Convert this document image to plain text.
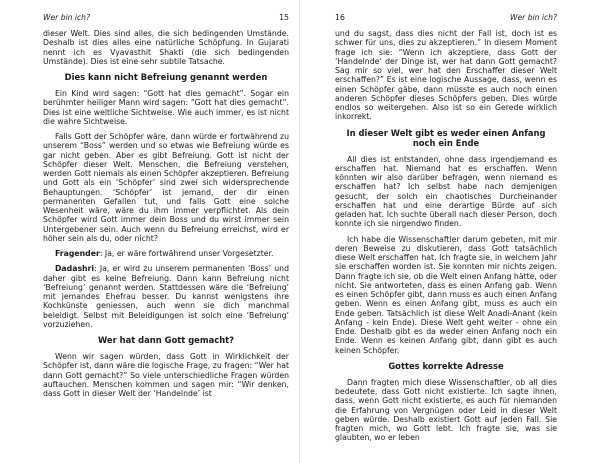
Wer bin ich?	15

dieser Welt. Dies sind alles, die sich bedingenden Umstände. Deshalb ist dies alles eine natürliche Schöpfung. In Gujarati nennt ich es Vyavasthit Shakti (die sich bedingenden Umstände). Dies ist eine sehr subtile Tatsache.

Dies kann nicht Befreiung genannt werden

Ein Kind wird sagen: “Gott hat dies gemacht”. Sogar ein berühmter heiliger Mann wird sagen: “Gott hat dies gemacht”. Dies ist eine weltliche Sichtweise. Wie auch immer, es ist nicht die wahre Sichtweise.

Falls Gott der Schöpfer wäre, dann würde er fortwährend zu unserem “Boss” werden und so etwas wie Befreiung würde es gar nicht geben. Aber es gibt Befreiung. Gott ist nicht der Schöpfer dieser Welt. Menschen, die Befreiung verstehen, werden Gott niemals als einen Schöpfer akzeptieren. Befreiung und Gott als ein ‘Schöpfer’ sind zwei sich widersprechende Behauptungen. ‘Schöpfer’ ist jemand, der dir einen permanenten Gefallen tut, und falls Gott eine solche Wesenheit wäre, wäre du ihm immer verpflichtet. Als dein Schöpfer wird Gott immer dein Boss und du wirst immer sein Untergebener sein. Auch wenn du Befreiung erreichst, wird er höher sein als du, oder nicht?

Fragender: Ja, er wäre fortwährend unser Vorgesetzter.

Dadashri: Ja, er wird zu unserem permanenten ‘Boss’ und daher gibt es keine Befreiung. Dann kann Befreiung nicht ‘Befreiung’ genannt werden. Stattdessen wäre die ‘Befreiung’ mit jemandes Ehefrau besser. Du kannst wenigstens ihre Kochkünste geniessen, auch wenn sie dich manchmal beleidigt. Selbst mit Beleidigungen ist solch eine ‘Befreiung’ vorzuziehen.

Wer hat dann Gott gemacht?

Wenn wir sagen würden, dass Gott in Wirklichkeit der Schöpfer ist, dann wäre die logische Frage, zu fragen: “Wer hat dann Gott gemacht?” So viele unterschiedliche Fragen würden auftauchen. Menschen kommen und sagen mir: “Wir denken, dass Gott in dieser Welt der ‘Handelnde’ ist

16	Wer bin ich?

und du sagst, dass dies nicht der Fall ist, doch ist es schwer für uns, dies zu akzeptieren.” In diesem Moment frage ich sie: “Wenn ich akzeptiere, dass Gott der ‘Handelnde’ der Dinge ist, wer hat dann Gott gemacht? Sag mir so viel, wer hat den Erschaffer dieser Welt erschaffen?” Es ist eine logische Aussage, dass, wenn es einen Schöpfer gäbe, dann müsste es auch noch einen anderen Schöpfer dieses Schöpfers geben. Dies würde endlos so weitergehen. Also ist so ein Gerede wirklich inkorrekt.

In dieser Welt gibt es weder einen Anfang noch ein Ende

All dies ist entstanden, ohne dass irgendjemand es erschaffen hat. Niemand hat es erschaffen. Wenn könnten wir also darüber befragen, wenn niemand es erschaffen hat? Ich selbst habe nach demjenigen gesucht, der solch ein chaotisches Durcheinander erschaffen hat und eine derartige Bürde auf sich geladen hat. Ich suchte überall nach dieser Person, doch konnte ich sie nirgendwo finden.

Ich habe die Wissenschaftler darum gebeten, mit mir deren Beweise zu diskutieren, dass Gott tatsächlich diese Welt erschaffen hat. Ich fragte sie, in welchem Jahr sie erschaffen worden ist. Sie konnten mir nichts zeigen. Dann fragte ich sie, ob die Welt einen Anfang hätte, oder nicht. Sie antworteten, dass es einen Anfang gab. Wenn es einen Schöpfer gibt, dann muss es auch einen Anfang geben. Wenn es einen Anfang gibt, muss es auch ein Ende geben. Tatsächlich ist diese Welt Anadi-Anant (kein Anfang - kein Ende). Diese Welt geht weiter - ohne ein Ende. Deshalb gibt es da weder einen Anfang noch ein Ende. Wenn es keinen Anfang gibt, dann gibt es auch keinen Schöpfer.

Gottes korrekte Adresse

Dann fragten mich diese Wissenschaftler, ob all dies bedeutete, dass Gott nicht existierte. Ich sagte ihnen, dass, wenn Gott nicht existierte, es auch für niemanden die Erfahrung von Vergnügen oder Leid in dieser Welt geben würde. Deshalb existiert Gott auf jeden Fall. Sie fragten mich, wo Gott lebt. Ich fragte sie, was sie glaubten, wo er leben
